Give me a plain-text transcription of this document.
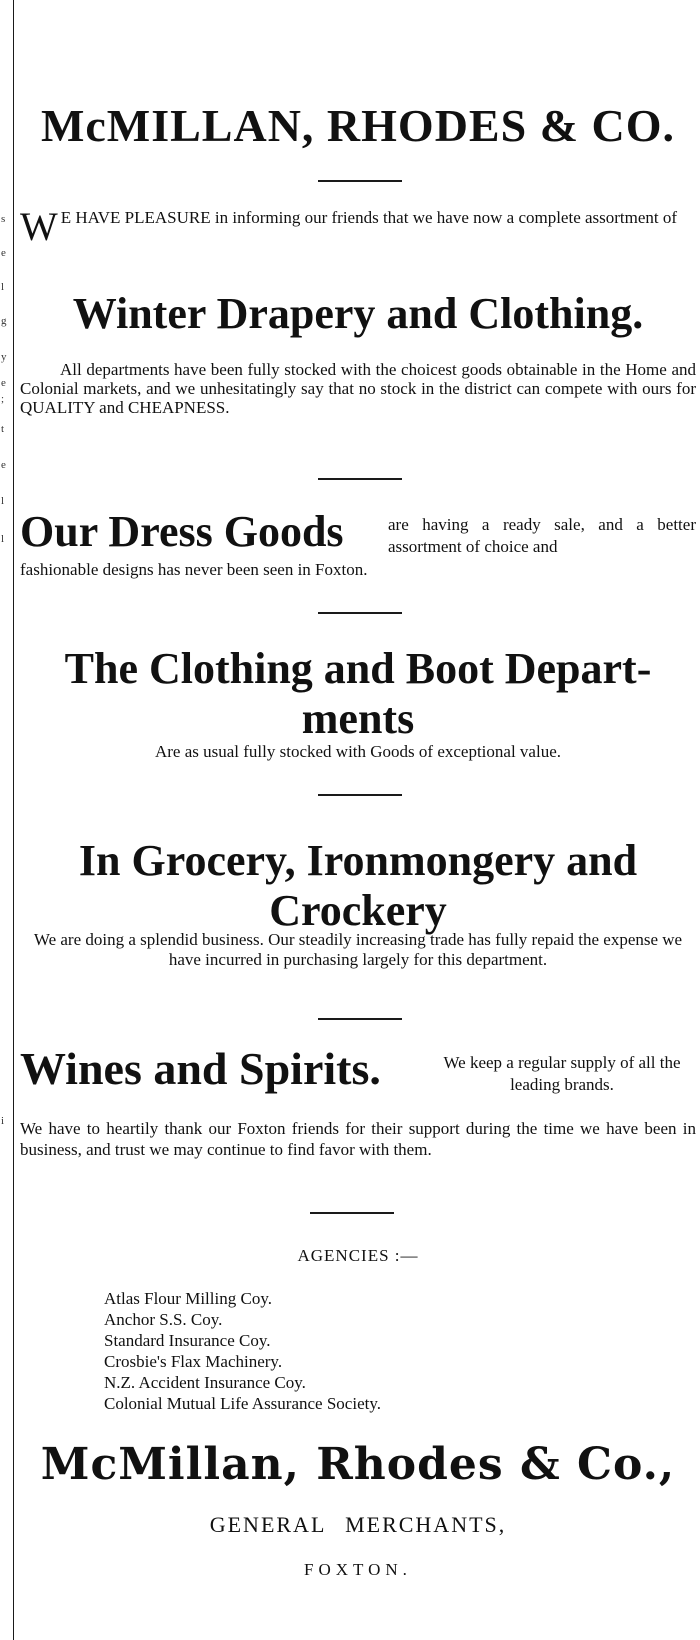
s
e
l
g
y
e
;
t
e
l
l
i
McMILLAN, RHODES & CO.
W E HAVE PLEASURE in informing our friends that we have now a complete assortment of
Winter Drapery and Clothing.
All departments have been fully stocked with the choicest goods obtainable in the Home and Colonial markets, and we unhesitatingly say that no stock in the district can compete with ours for QUALITY and CHEAPNESS.
Our Dress Goods	are having a ready sale, and a better assortment of choice and
fashionable designs has never been seen in Foxton.
The Clothing and Boot Depart-ments
Are as usual fully stocked with Goods of exceptional value.
In Grocery, Ironmongery and Crockery
We are doing a splendid business. Our steadily increasing trade has fully repaid the expense we have incurred in purchasing largely for this department.
Wines and Spirits.	We keep a regular supply of all the leading brands.
We have to heartily thank our Foxton friends for their support during the time we have been in business, and trust we may continue to find favor with them.
AGENCIES :—
Atlas Flour Milling Coy.
Anchor S.S. Coy.
Standard Insurance Coy.
Crosbie's Flax Machinery.
N.Z. Accident Insurance Coy.
Colonial Mutual Life Assurance Society.
McMillan, Rhodes & Co.,
GENERAL MERCHANTS,
FOXTON.
